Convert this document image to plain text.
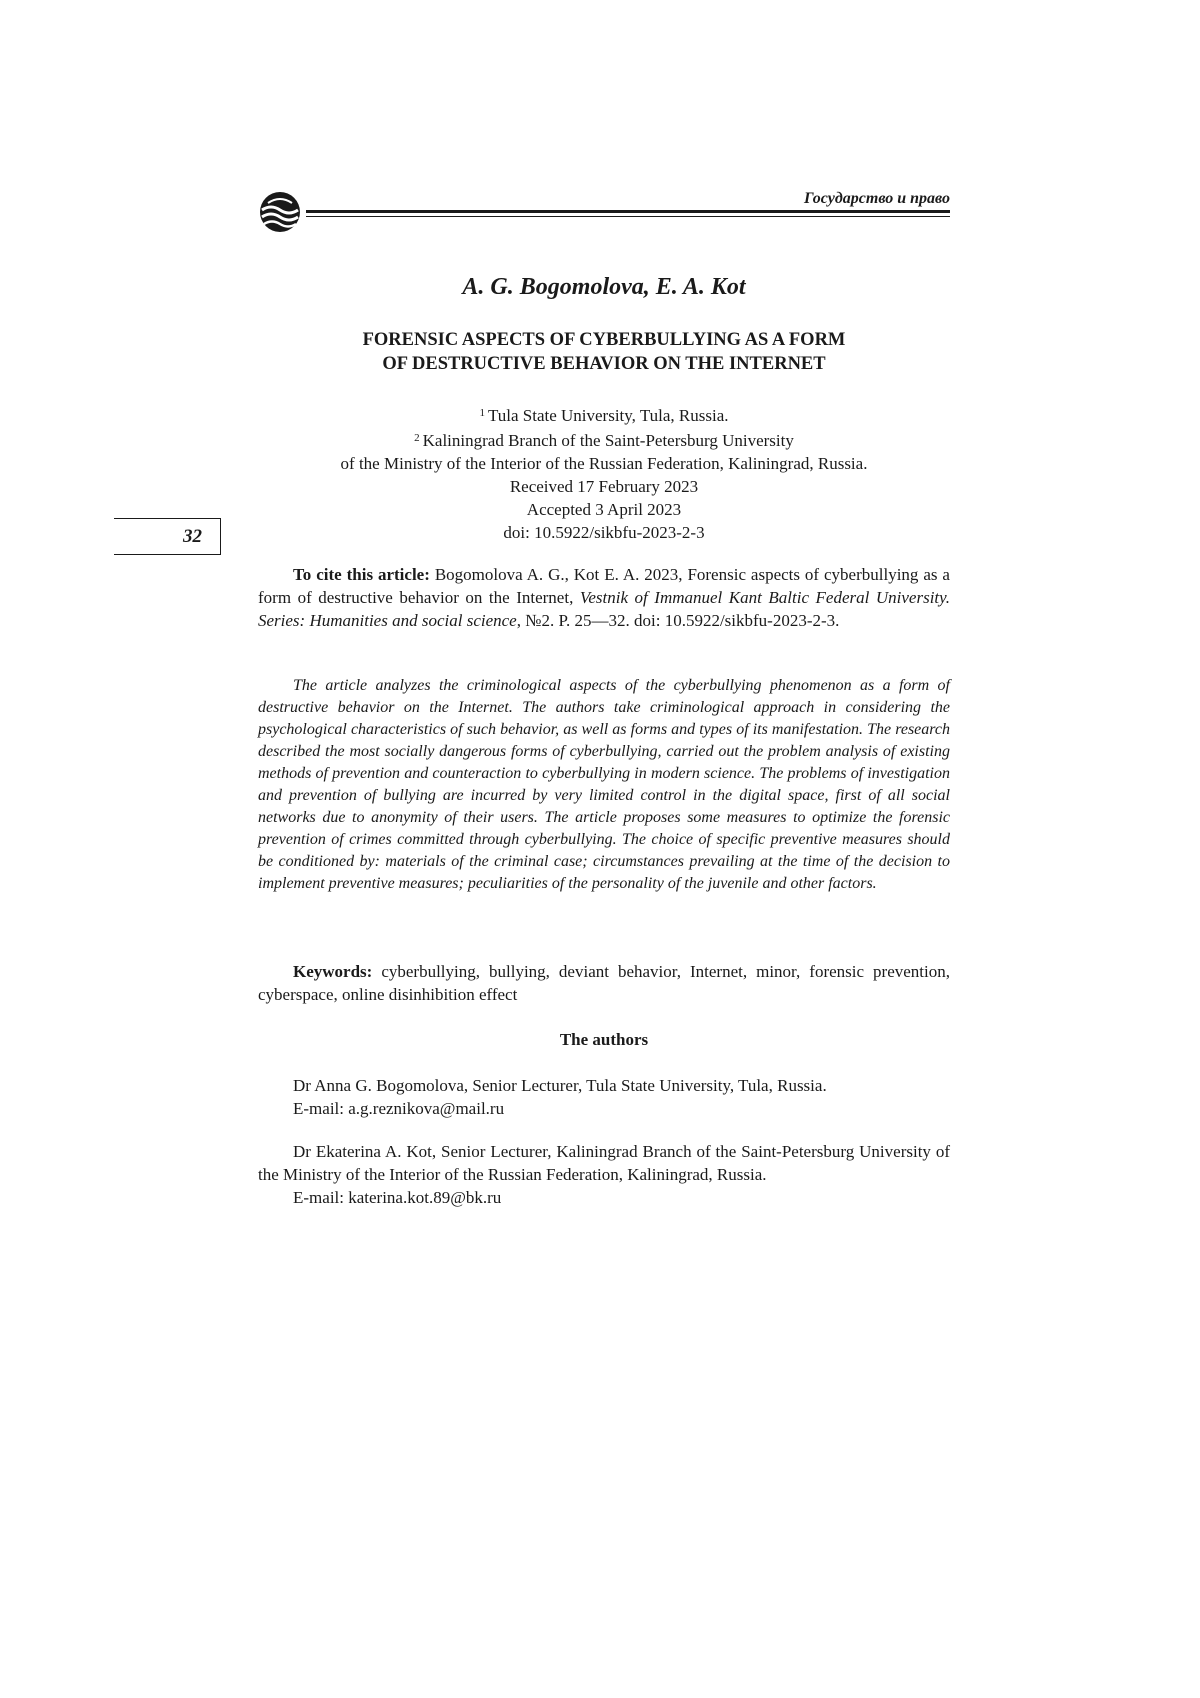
Государство и право
A. G. Bogomolova, E. A. Kot
FORENSIC ASPECTS OF CYBERBULLYING AS A FORM
OF DESTRUCTIVE BEHAVIOR ON THE INTERNET
$^1$ Tula State University, Tula, Russia.
$^2$ Kaliningrad Branch of the Saint-Petersburg University
of the Ministry of the Interior of the Russian Federation, Kaliningrad, Russia.
Received 17 February 2023
Accepted 3 April 2023
doi: 10.5922/sikbfu-2023-2-3
32

To cite this article: Bogomolova A. G., Kot E. A. 2023, Forensic aspects of cyberbullying as a form of destructive behavior on the Internet, Vestnik of Immanuel Kant Baltic Federal University. Series: Humanities and social science, №2. P. 25—32. doi: 10.5922/sikbfu-2023-2-3.

The article analyzes the criminological aspects of the cyberbullying phenomenon as a form of destructive behavior on the Internet. The authors take criminological approach in considering the psychological characteristics of such behavior, as well as forms and types of its manifestation. The research described the most socially dangerous forms of cyberbullying, carried out the problem analysis of existing methods of prevention and counteraction to cyberbullying in modern science. The problems of investigation and prevention of bullying are incurred by very limited control in the digital space, first of all social networks due to anonymity of their users. The article proposes some measures to optimize the forensic prevention of crimes committed through cyberbullying. The choice of specific preventive measures should be conditioned by: materials of the criminal case; circumstances prevailing at the time of the decision to implement preventive measures; peculiarities of the personality of the juvenile and other factors.

Keywords: cyberbullying, bullying, deviant behavior, Internet, minor, forensic prevention, cyberspace, online disinhibition effect

The authors

Dr Anna G. Bogomolova, Senior Lecturer, Tula State University, Tula, Russia.

E-mail: a.g.reznikova@mail.ru

Dr Ekaterina A. Kot, Senior Lecturer, Kaliningrad Branch of the Saint-Petersburg University of the Ministry of the Interior of the Russian Federation, Kaliningrad, Russia.

E-mail: katerina.kot.89@bk.ru
